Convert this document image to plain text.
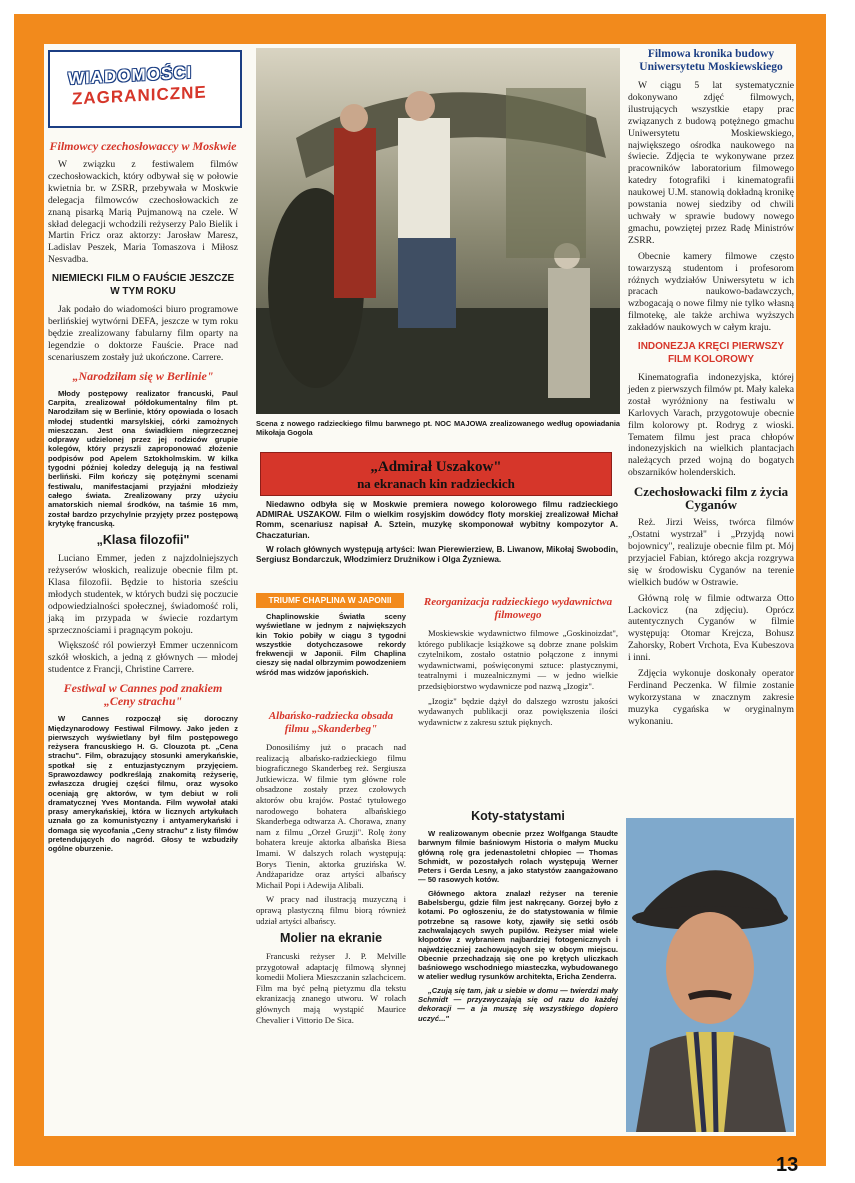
WIADOMOŚCI
ZAGRANICZNE
Filmowcy czechosłowaccy w Moskwie

W związku z festiwalem filmów czechosłowackich, który odbywał się w połowie kwietnia br. w ZSRR, przebywała w Moskwie delegacja filmowców czechosłowackich ze znaną pisarką Marią Pujmanową na czele. W skład delegacji wchodzili reżyserzy Palo Bielik i Martin Fricz oraz aktorzy: Jarosław Maresz, Ladislav Peszek, Maria Tomaszova i Miłosz Nesvadba.

NIEMIECKI FILM O FAUŚCIE JESZCZE W TYM ROKU

Jak podało do wiadomości biuro programowe berlińskiej wytwórni DEFA, jeszcze w tym roku będzie zrealizowany fabularny film oparty na legendzie o doktorze Fauście. Prace nad scenariuszem zostały już ukończone. Carrere.

„Narodziłam się w Berlinie"

Młody postępowy realizator francuski, Paul Carpita, zrealizował półdokumentalny film pt. Narodziłam się w Berlinie, który opowiada o losach młodej studentki marsylskiej, córki zamożnych mieszczan. Jest ona świadkiem niegrzecznej odprawy udzielonej przez jej rodziców grupie kolegów, który przyszli zaproponować złożenie podpisów pod Apelem Sztokholmskim. W kilka tygodni później koledzy delegują ją na festiwal berliński. Film kończy się potężnymi scenami festiwalu, manifestacjami przyjaźni młodzieży całego świata. Zrealizowany przy użyciu amatorskich niemal środków, na taśmie 16 mm, został bardzo przychylnie przyjęty przez postępową krytykę francuską.

„Klasa filozofii"

Luciano Emmer, jeden z najzdolniejszych reżyserów włoskich, realizuje obecnie film pt. Klasa filozofii. Będzie to historia sześciu młodych studentek, w których budzi się poczucie odpowiedzialności społecznej, świadomość roli, jaką im przypada w świecie rozdartym sprzecznościami i pragnącym pokoju.

Większość ról powierzył Emmer uczennicom szkół włoskich, a jedną z głównych — młodej studentce z Francji, Christine Carrere.

Festiwal w Cannes pod znakiem „Ceny strachu"

W Cannes rozpoczął się doroczny Międzynarodowy Festiwal Filmowy. Jako jeden z pierwszych wyświetlany był film postępowego reżysera francuskiego H. G. Clouzota pt. „Cena strachu". Film, obrazujący stosunki amerykańskie, spotkał się z entuzjastycznym przyjęciem. Sprawozdawcy podkreślają znakomitą reżyserię, zwłaszcza drugiej części filmu, oraz wysoko oceniają grę aktorów, w tym debiut w roli dramatycznej Yves Montanda. Film wywołał ataki prasy amerykańskiej, która w licznych artykułach uznała go za komunistyczny i antyamerykański i domaga się wycofania „Ceny strachu" z listy filmów pretendujących do nagród. Głosy te wzbudziły ogólne oburzenie.

Scena z nowego radzieckiego filmu barwnego pt. NOC MAJOWA zrealizowanego według opowiadania Mikołaja Gogola
„Admirał Uszakow"
na ekranach kin radzieckich

Niedawno odbyła się w Moskwie premiera nowego kolorowego filmu radzieckiego ADMIRAŁ USZAKOW. Film o wielkim rosyjskim dowódcy floty morskiej zrealizował Michał Romm, scenariusz napisał A. Sztein, muzykę skomponował wybitny kompozytor A. Chaczaturian.

W rolach głównych występują artyści: Iwan Pierewierziew, B. Liwanow, Mikołaj Swobodin, Sergiusz Bondarczuk, Włodzimierz Drużnikow i Olga Żyzniewa.

TRIUMF CHAPLINA W JAPONII

Chaplinowskie Światła sceny wyświetlane w jednym z największych kin Tokio pobiły w ciągu 3 tygodni wszystkie dotychczasowe rekordy frekwencji w Japonii. Film Chaplina cieszy się nadal olbrzymim powodzeniem wśród mas widzów japońskich.

Albańsko-radziecka obsada filmu „Skanderbeg"

Donosiliśmy już o pracach nad realizacją albańsko-radzieckiego filmu biograficznego Skanderbeg reż. Sergiusza Jutkiewicza. W filmie tym główne role obsadzone zostały przez czołowych aktorów obu krajów. Postać tytułowego narodowego bohatera albańskiego Skanderbega odtwarza A. Chorawa, znany nam z filmu „Orzeł Gruzji". Rolę żony bohatera kreuje aktorka albańska Biesa Imami. W dalszych rolach występują: Borys Tienin, aktorka gruzińska W. Andżaparidze oraz artyści albańscy Michail Popi i Adewija Alibali.

W pracy nad ilustracją muzyczną i oprawą plastyczną filmu biorą również udział artyści albańscy.

Molier na ekranie

Francuski reżyser J. P. Melville przygotował adaptację filmową słynnej komedii Moliera Mieszczanin szlachcicem. Film ma być pełną pietyzmu dla tekstu ekranizacją znanego utworu. W rolach głównych mają wystąpić Maurice Chevalier i Vittorio De Sica.

Reorganizacja radzieckiego wydawnictwa filmowego

Moskiewskie wydawnictwo filmowe „Goskinoizdat", którego publikacje książkowe są dobrze znane polskim czytelnikom, zostało ostatnio połączone z innymi wydawnictwami, poświęconymi sztuce: plastycznymi, teatralnymi i muzealnicznymi — w jedno wielkie przedsiębiorstwo wydawnicze pod nazwą „Izogiz".

„Izogiz" będzie dążył do dalszego wzrostu jakości wydawanych publikacji oraz powiększenia ilości wydawnictw z zakresu sztuk pięknych.

Koty-statystami

W realizowanym obecnie przez Wolfganga Staudte barwnym filmie baśniowym Historia o małym Mucku główną rolę gra jedenastoletni chłopiec — Thomas Schmidt, w pozostałych rolach występują Werner Peters i Gerda Lesny, a jako statystów zaangażowano — 50 rasowych kotów.

Głównego aktora znalazł reżyser na terenie Babelsbergu, gdzie film jest nakręcany. Gorzej było z kotami. Po ogłoszeniu, że do statystowania w filmie potrzebne są rasowe koty, zjawiły się setki osób zachwalających swych pupilów. Reżyser miał wiele kłopotów z wybraniem najbardziej fotogenicznych i najwdzięczniej zachowujących się w obcym miejscu. Obecnie przechadzają się one po krętych uliczkach baśniowego wschodniego miasteczka, wybudowanego w atelier według rysunków architekta, Ericha Zenderra.

„Czują się tam, jak u siebie w domu — twierdzi mały Schmidt — przyzwyczajają się od razu do każdej dekoracji — a ja muszę się wszystkiego dopiero uczyć..."

Filmowa kronika budowy Uniwersytetu Moskiewskiego

W ciągu 5 lat systematycznie dokonywano zdjęć filmowych, ilustrujących wszystkie etapy prac związanych z budową potężnego gmachu Uniwersytetu Moskiewskiego, największego ośrodka naukowego na świecie. Zdjęcia te wykonywane przez pracowników laboratorium filmowego katedry fotografiki i kinematografii naukowej U.M. stanowią dokładną kronikę powstania nowej siedziby od chwili uchwały w sprawie budowy nowego gmachu, powziętej przez Radę Ministrów ZSRR.

Obecnie kamery filmowe często towarzyszą studentom i profesorom różnych wydziałów Uniwersytetu w ich pracach naukowo-badawczych, wzbogacają o nowe filmy nie tylko własną filmotekę, ale także archiwa wyższych zakładów naukowych w całym kraju.

INDONEZJA KRĘCI PIERWSZY FILM KOLOROWY

Kinematografia indonezyjska, której jeden z pierwszych filmów pt. Mały kaleka został wyróżniony na festiwalu w Karlovych Varach, przygotowuje obecnie film kolorowy pt. Rodryg z wioski. Tematem filmu jest praca chłopów indonezyjskich na wielkich plantacjach należących przed wojną do bogatych obszarników holenderskich.

Czechosłowacki film z życia Cyganów

Reż. Jirzi Weiss, twórca filmów „Ostatni wystrzał" i „Przyjdą nowi bojownicy", realizuje obecnie film pt. Mój przyjaciel Fabian, którego akcja rozgrywa się w środowisku Cyganów na terenie wielkich budów w Ostrawie.

Główną rolę w filmie odtwarza Otto Lackovicz (na zdjęciu). Oprócz autentycznych Cyganów w filmie występują: Otomar Krejcza, Bohusz Zahorsky, Robert Vrchota, Eva Kubeszova i inni.

Zdjęcia wykonuje doskonały operator Ferdinand Peczenka. W filmie zostanie wykorzystana w znacznym zakresie muzyka cygańska w oryginalnym wykonaniu.

13
